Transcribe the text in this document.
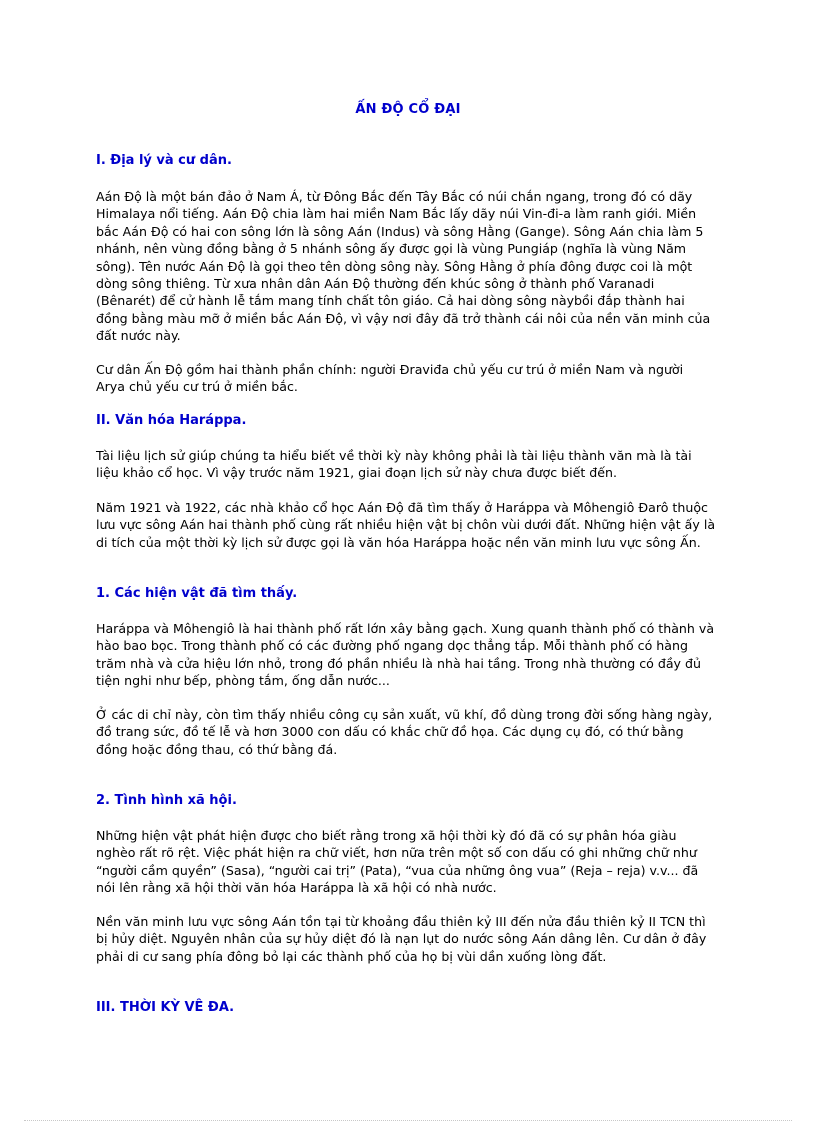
ẤN ĐỘ CỔ ĐẠI
I. Địa lý và cư dân.

Aán Độ là một bán đảo ở Nam Á, từ Đông Bắc đến Tây Bắc có núi chắn ngang, trong đó có dãy Himalaya nổi tiếng. Aán Độ chia làm hai miền Nam Bắc lấy dãy núi Vin-đi-a làm ranh giới. Miền bắc Aán Độ có hai con sông lớn là sông Aán (Indus) và sông Hằng (Gange). Sông Aán chia làm 5 nhánh, nên vùng đồng bằng ở 5 nhánh sông ấy được gọi là vùng Pungiáp (nghĩa là vùng Năm sông). Tên nước Aán Độ là gọi theo tên dòng sông này. Sông Hằng ở phía đông được coi là một dòng sông thiêng. Từ xưa nhân dân Aán Độ thường đến khúc sông ở thành phố Varanadi (Bênarét) để cử hành lễ tắm mang tính chất tôn giáo. Cả hai dòng sông nàybồi đắp thành hai đồng bằng màu mỡ ở miền bắc Aán Độ, vì vậy nơi đây đã trở thành cái nôi của nền văn minh của đất nước này.

Cư dân Ấn Độ gồm hai thành phần chính: người Đraviđa chủ yếu cư trú ở miền Nam và người Arya chủ yếu cư trú ở miền bắc.

II. Văn hóa Haráppa.

Tài liệu lịch sử giúp chúng ta hiểu biết về thời kỳ này không phải là tài liệu thành văn mà là tài liệu khảo cổ học. Vì vậy trước năm 1921, giai đoạn lịch sử này chưa được biết đến.

Năm 1921 và 1922, các nhà khảo cổ học Aán Độ đã tìm thấy ở Haráppa và Môhengiô Đarô thuộc lưu vực sông Aán hai thành phố cùng rất nhiều hiện vật bị chôn vùi dưới đất. Những hiện vật ấy là di tích của một thời kỳ lịch sử được gọi là văn hóa Haráppa hoặc nền văn minh lưu vực sông Ấn.

1. Các hiện vật đã tìm thấy.

Haráppa và Môhengiô là hai thành phố rất lớn xây bằng gạch. Xung quanh thành phố có thành và hào bao bọc. Trong thành phố có các đường phố ngang dọc thẳng tắp. Mỗi thành phố có hàng trăm nhà và cửa hiệu lớn nhỏ, trong đó phần nhiều là nhà hai tầng. Trong nhà thường có đầy đủ tiện nghi như bếp, phòng tắm, ống dẫn nước...

Ở các di chỉ này, còn tìm thấy nhiều công cụ sản xuất, vũ khí, đồ dùng trong đời sống hàng ngày, đồ trang sức, đồ tế lễ và hơn 3000 con dấu có khắc chữ đồ họa. Các dụng cụ đó, có thứ bằng đồng hoặc đồng thau, có thứ bằng đá.

2. Tình hình xã hội.

Những hiện vật phát hiện được cho biết rằng trong xã hội thời kỳ đó đã có sự phân hóa giàu nghèo rất rõ rệt. Việc phát hiện ra chữ viết, hơn nữa trên một số con dấu có ghi những chữ như “người cầm quyền” (Sasa), “người cai trị” (Pata), “vua của những ông vua” (Reja – reja) v.v... đã nói lên rằng xã hội thời văn hóa Haráppa là xã hội có nhà nước.

Nền văn minh lưu vực sông Aán tồn tại từ khoảng đầu thiên kỷ III đến nửa đầu thiên kỷ II TCN thì bị hủy diệt. Nguyên nhân của sự hủy diệt đó là nạn lụt do nước sông Aán dâng lên. Cư dân ở đây phải di cư sang phía đông bỏ lại các thành phố của họ bị vùi dần xuống lòng đất.

III. THỜI KỲ VÊ ĐA.
